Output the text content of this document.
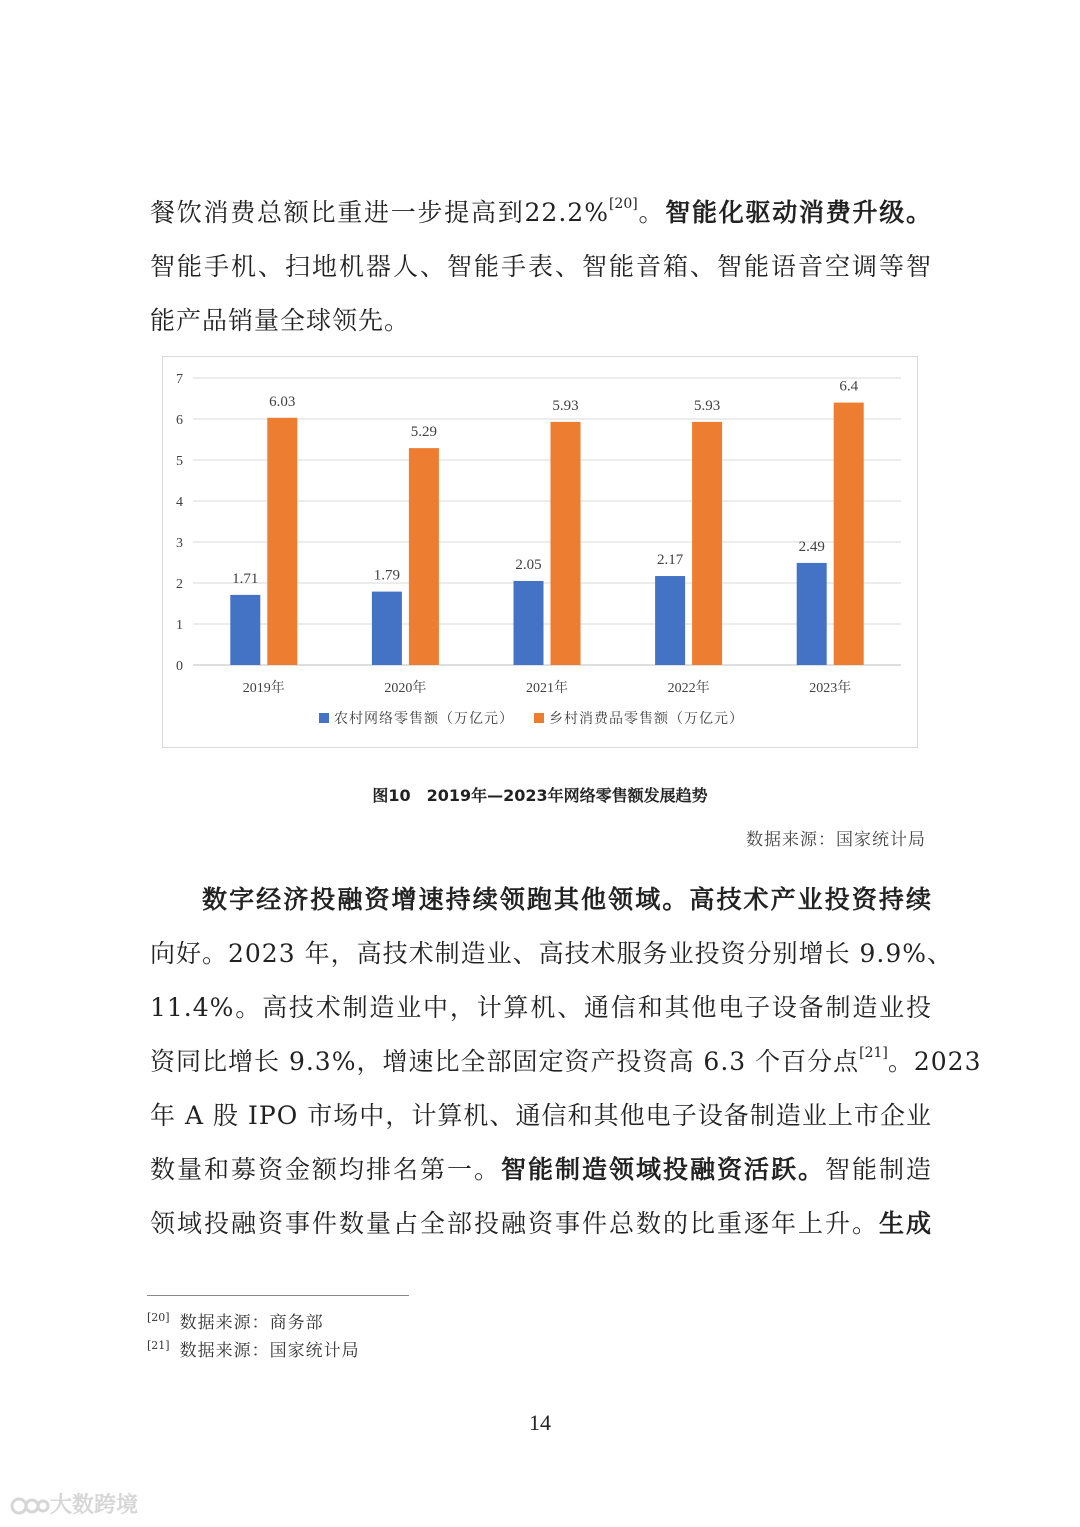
餐饮消费总额比重进一步提高到22.2%[20]。智能化驱动消费升级。
智能手机、扫地机器人、智能手表、智能音箱、智能语音空调等智
能产品销量全球领先。
0
1
2
3
4
5
6
7
1.71
6.03
2019年
1.79
5.29
2020年
2.05
5.93
2021年
2.17
5.93
2022年
2.49
6.4
2023年
农村网络零售额（万亿元）	乡村消费品零售额（万亿元）
图10　2019年—2023年网络零售额发展趋势
数据来源：国家统计局
数字经济投融资增速持续领跑其他领域。高技术产业投资持续
向好。2023 年，高技术制造业、高技术服务业投资分别增长 9.9%、
11.4%。高技术制造业中，计算机、通信和其他电子设备制造业投
资同比增长 9.3%，增速比全部固定资产投资高 6.3 个百分点[21]。2023
年 A 股 IPO 市场中，计算机、通信和其他电子设备制造业上市企业
数量和募资金额均排名第一。智能制造领域投融资活跃。智能制造
领域投融资事件数量占全部投融资事件总数的比重逐年上升。生成
[20] 数据来源：商务部
[21] 数据来源：国家统计局
14
大数跨境
